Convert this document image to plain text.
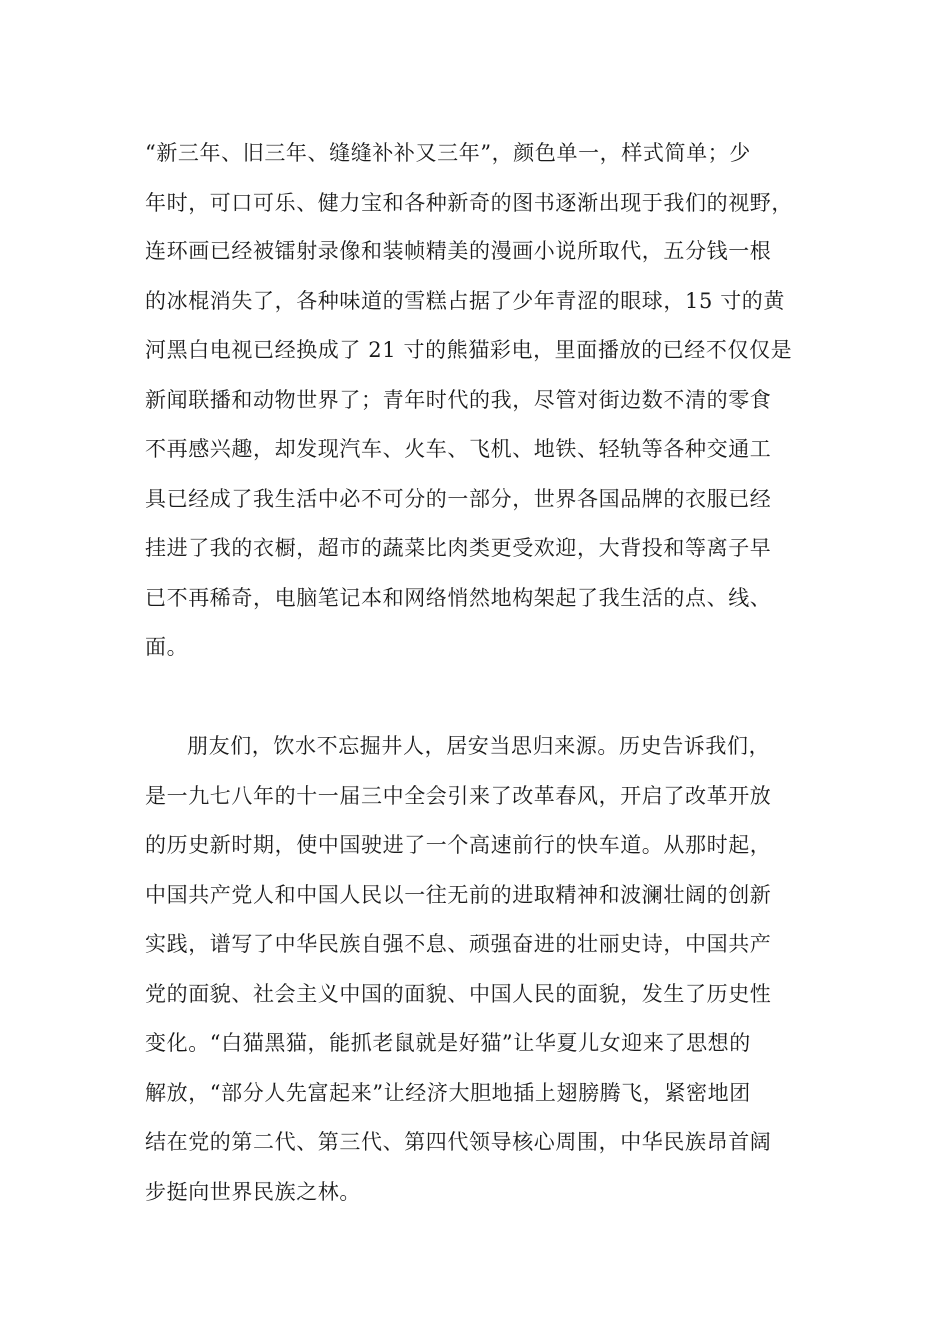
“新三年、旧三年、缝缝补补又三年”，颜色单一，样式简单；少
年时，可口可乐、健力宝和各种新奇的图书逐渐出现于我们的视野，
连环画已经被镭射录像和装帧精美的漫画小说所取代，五分钱一根
的冰棍消失了，各种味道的雪糕占据了少年青涩的眼球，15 寸的黄
河黑白电视已经换成了 21 寸的熊猫彩电，里面播放的已经不仅仅是
新闻联播和动物世界了；青年时代的我，尽管对街边数不清的零食
不再感兴趣，却发现汽车、火车、飞机、地铁、轻轨等各种交通工
具已经成了我生活中必不可分的一部分，世界各国品牌的衣服已经
挂进了我的衣橱，超市的蔬菜比肉类更受欢迎，大背投和等离子早
已不再稀奇，电脑笔记本和网络悄然地构架起了我生活的点、线、
面。
朋友们，饮水不忘掘井人，居安当思归来源。历史告诉我们，
是一九七八年的十一届三中全会引来了改革春风，开启了改革开放
的历史新时期，使中国驶进了一个高速前行的快车道。从那时起，
中国共产党人和中国人民以一往无前的进取精神和波澜壮阔的创新
实践，谱写了中华民族自强不息、顽强奋进的壮丽史诗，中国共产
党的面貌、社会主义中国的面貌、中国人民的面貌，发生了历史性
变化。“白猫黑猫，能抓老鼠就是好猫”让华夏儿女迎来了思想的
解放，“部分人先富起来”让经济大胆地插上翅膀腾飞，紧密地团
结在党的第二代、第三代、第四代领导核心周围，中华民族昂首阔
步挺向世界民族之林。
